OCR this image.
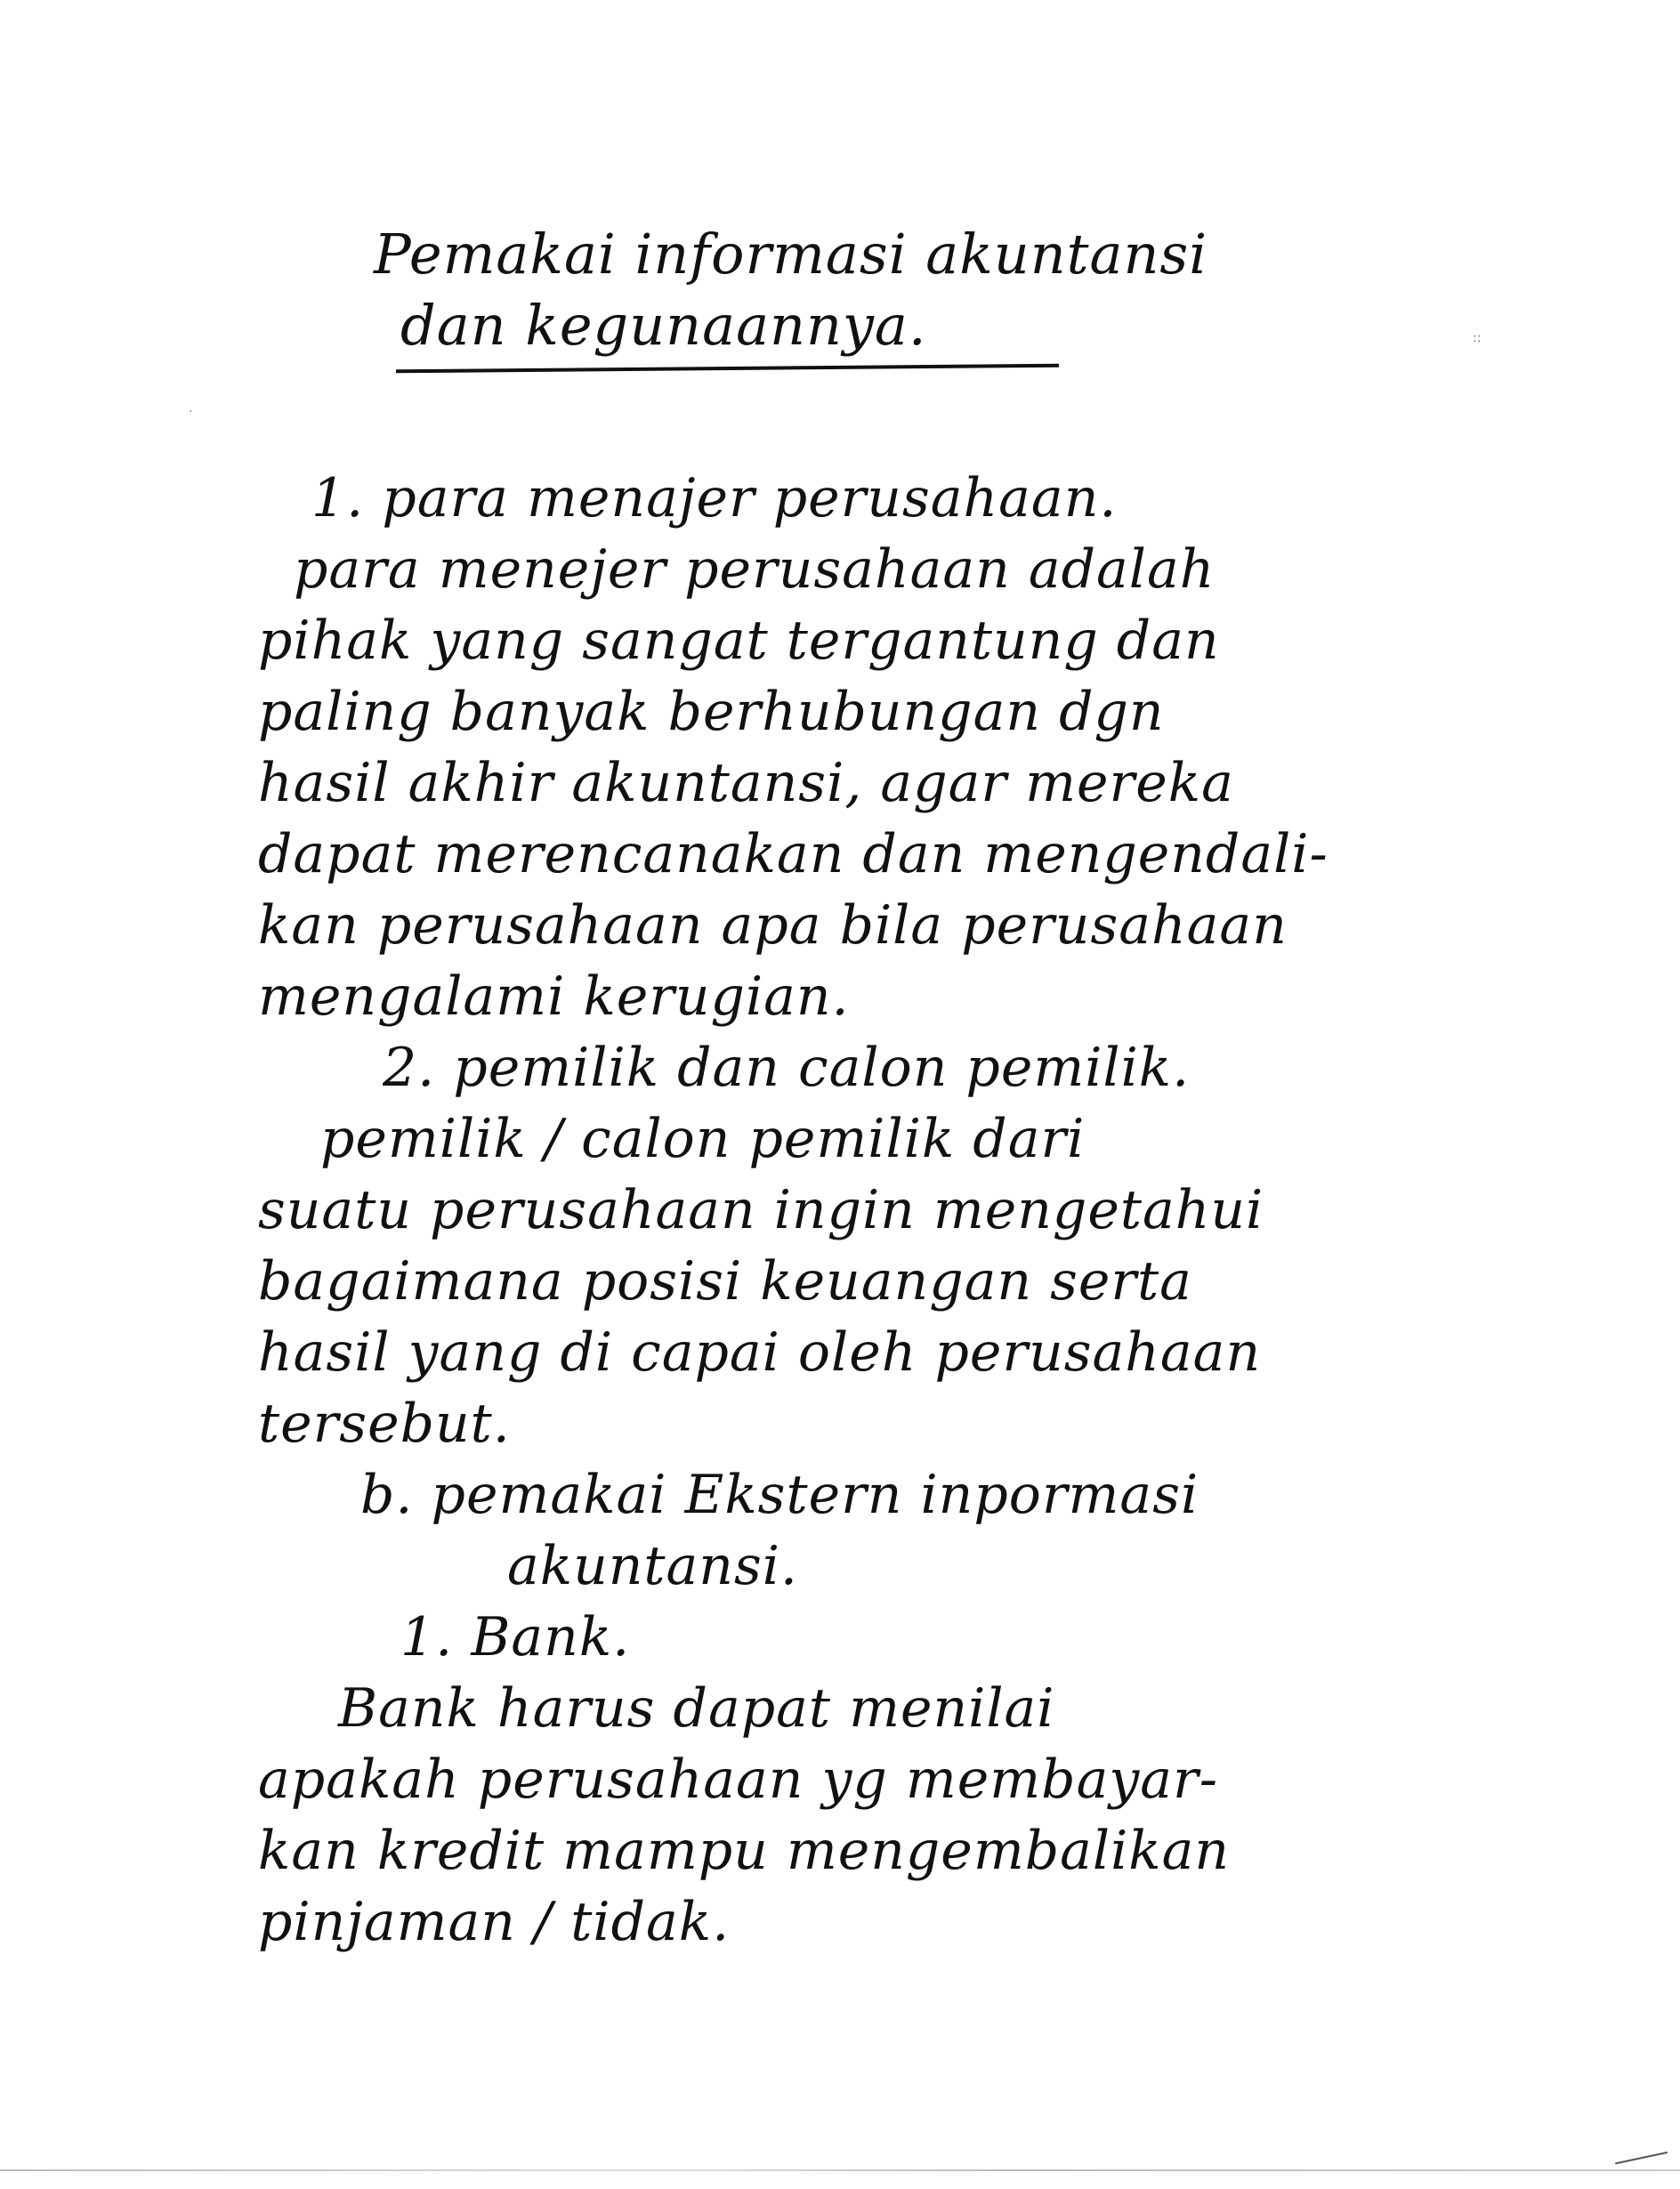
Pemakai informasi akuntansi
dan kegunaannya.	::
·
1. para menajer perusahaan.
para menejer perusahaan adalah
pihak yang sangat tergantung dan
paling banyak berhubungan dgn
hasil akhir akuntansi, agar mereka
dapat merencanakan dan mengendali-
kan perusahaan apa bila perusahaan
mengalami kerugian.
2. pemilik dan calon pemilik.
pemilik / calon pemilik dari
suatu perusahaan ingin mengetahui
bagaimana posisi keuangan serta
hasil yang di capai oleh perusahaan
tersebut.
b. pemakai Ekstern inpormasi
akuntansi.
1. Bank.
Bank harus dapat menilai
apakah perusahaan yg membayar-
kan kredit mampu mengembalikan
pinjaman / tidak.
